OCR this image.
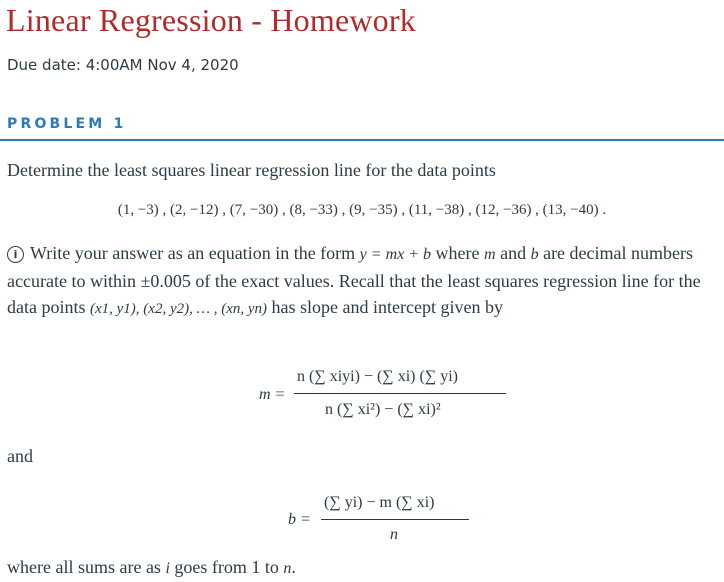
Linear Regression - Homework
Due date: 4:00AM Nov 4, 2020
PROBLEM 1
Determine the least squares linear regression line for the data points
(1, −3) , (2, −12) , (7, −30) , (8, −33) , (9, −35) , (11, −38) , (12, −36) , (13, −40) .
i Write your answer as an equation in the form y = mx + b where m and b are decimal numbers accurate to within ±0.005 of the exact values. Recall that the least squares regression line for the data points (x1, y1), (x2, y2), … , (xn, yn) has slope and intercept given by
m =
n (∑ xiyi) − (∑ xi) (∑ yi)
n (∑ xi²) − (∑ xi)²
and
b =
(∑ yi) − m (∑ xi)
n
where all sums are as i goes from 1 to n.
